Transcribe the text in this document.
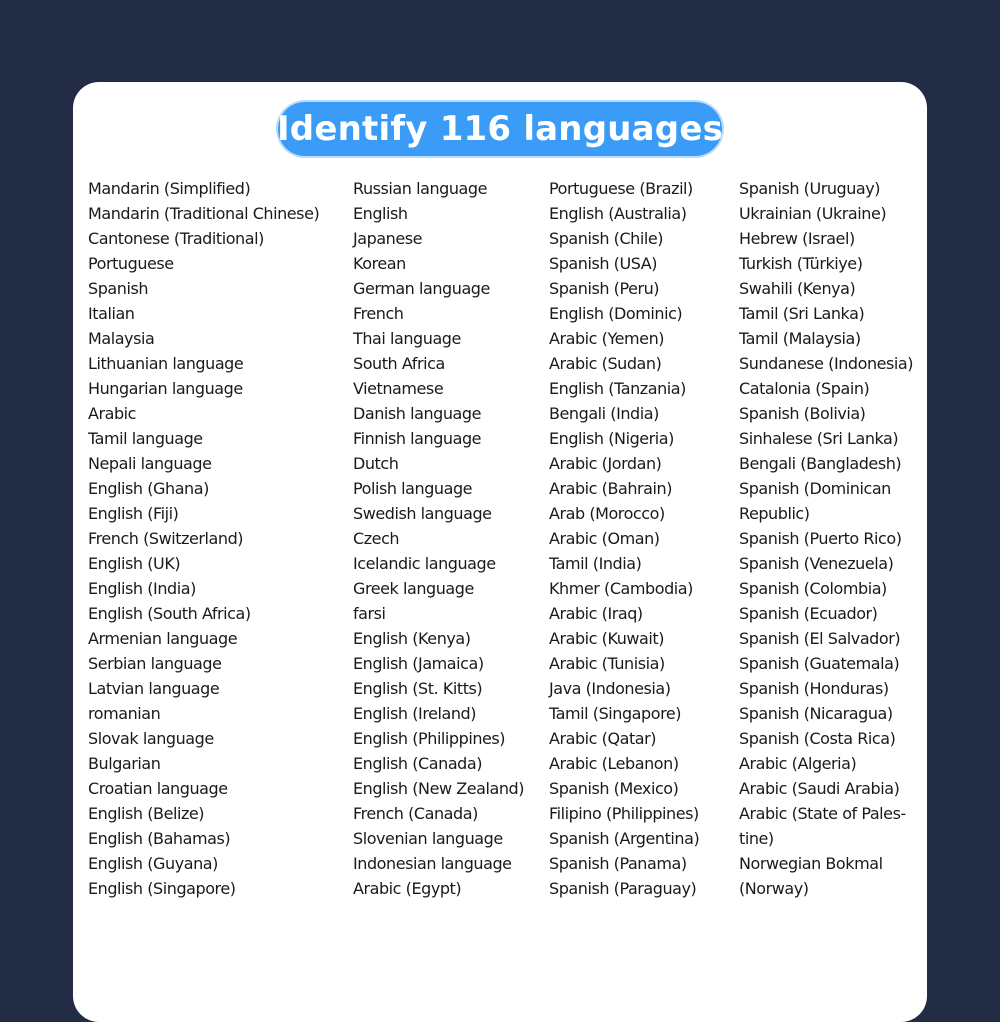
Identify 116 languages
Mandarin (Simplified)
Mandarin (Traditional Chinese)
Cantonese (Traditional)
Portuguese
Spanish
Italian
Malaysia
Lithuanian language
Hungarian language
Arabic
Tamil language
Nepali language
English (Ghana)
English (Fiji)
French (Switzerland)
English (UK)
English (India)
English (South Africa)
Armenian language
Serbian language
Latvian language
romanian
Slovak language
Bulgarian
Croatian language
English (Belize)
English (Bahamas)
English (Guyana)
English (Singapore)
Russian language
English
Japanese
Korean
German language
French
Thai language
South Africa
Vietnamese
Danish language
Finnish language
Dutch
Polish language
Swedish language
Czech
Icelandic language
Greek language
farsi
English (Kenya)
English (Jamaica)
English (St. Kitts)
English (Ireland)
English (Philippines)
English (Canada)
English (New Zealand)
French (Canada)
Slovenian language
Indonesian language
Arabic (Egypt)
Portuguese (Brazil)
English (Australia)
Spanish (Chile)
Spanish (USA)
Spanish (Peru)
English (Dominic)
Arabic (Yemen)
Arabic (Sudan)
English (Tanzania)
Bengali (India)
English (Nigeria)
Arabic (Jordan)
Arabic (Bahrain)
Arab (Morocco)
Arabic (Oman)
Tamil (India)
Khmer (Cambodia)
Arabic (Iraq)
Arabic (Kuwait)
Arabic (Tunisia)
Java (Indonesia)
Tamil (Singapore)
Arabic (Qatar)
Arabic (Lebanon)
Spanish (Mexico)
Filipino (Philippines)
Spanish (Argentina)
Spanish (Panama)
Spanish (Paraguay)
Spanish (Uruguay)
Ukrainian (Ukraine)
Hebrew (Israel)
Turkish (Türkiye)
Swahili (Kenya)
Tamil (Sri Lanka)
Tamil (Malaysia)
Sundanese (Indonesia)
Catalonia (Spain)
Spanish (Bolivia)
Sinhalese (Sri Lanka)
Bengali (Bangladesh)
Spanish (Dominican
Republic)
Spanish (Puerto Rico)
Spanish (Venezuela)
Spanish (Colombia)
Spanish (Ecuador)
Spanish (El Salvador)
Spanish (Guatemala)
Spanish (Honduras)
Spanish (Nicaragua)
Spanish (Costa Rica)
Arabic (Algeria)
Arabic (Saudi Arabia)
Arabic (State of Pales-
tine)
Norwegian Bokmal
(Norway)
